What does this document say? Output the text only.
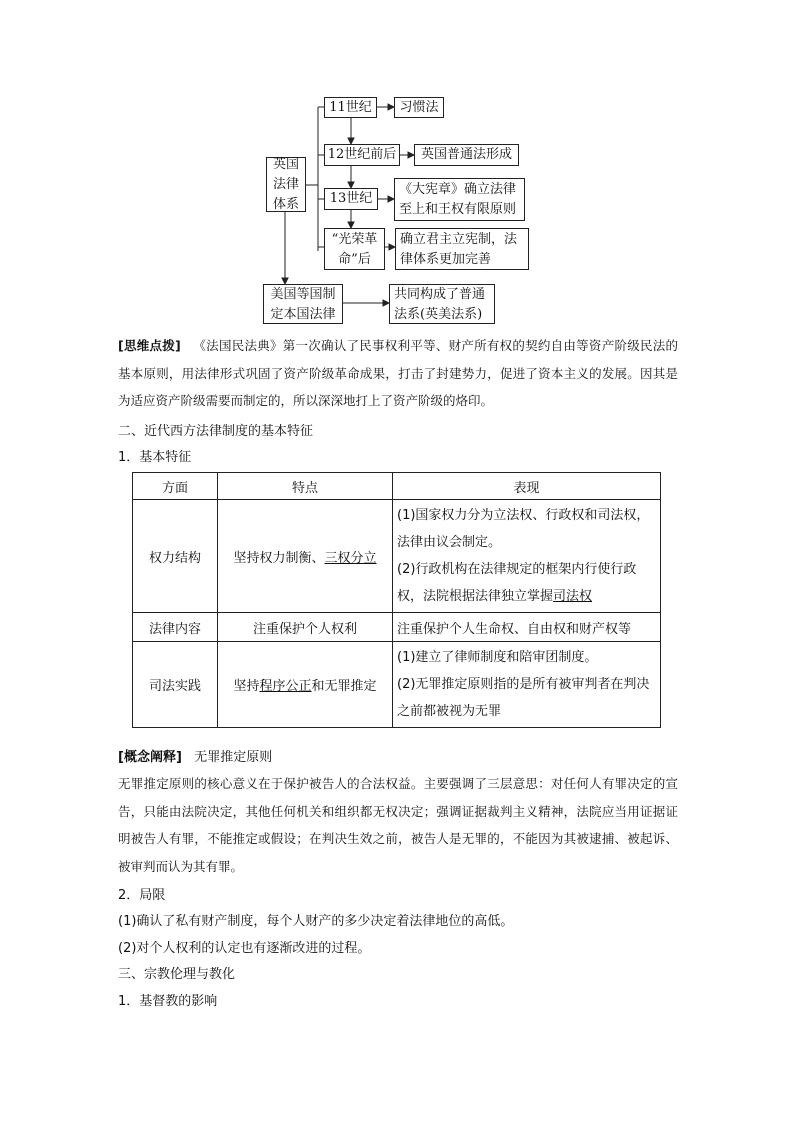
英国法律体系
11世纪 习惯法
12世纪前后 英国普通法形成
13世纪
《大宪章》确立法律至上和王权有限原则
“光荣革命”后
确立君主立宪制，法律体系更加完善
美国等国制定本国法律
共同构成了普通法系(英美法系)
[思维点拨] 《法国民法典》第一次确认了民事权利平等、财产所有权的契约自由等资产阶级民法的基本原则，用法律形式巩固了资产阶级革命成果，打击了封建势力，促进了资本主义的发展。因其是为适应资产阶级需要而制定的，所以深深地打上了资产阶级的烙印。
二、近代西方法律制度的基本特征
1．基本特征
方面	特点	表现
权力结构	坚持权力制衡、三权分立	(1)国家权力分为立法权、行政权和司法权，法律由议会制定。
(2)行政机构在法律规定的框架内行使行政权，法院根据法律独立掌握司法权

法律内容	注重保护个人权利	注重保护个人生命权、自由权和财产权等
司法实践	坚持程序公正和无罪推定	(1)建立了律师制度和陪审团制度。
(2)无罪推定原则指的是所有被审判者在判决之前都被视为无罪
[概念阐释] 无罪推定原则
无罪推定原则的核心意义在于保护被告人的合法权益。主要强调了三层意思：对任何人有罪决定的宣告，只能由法院决定，其他任何机关和组织都无权决定；强调证据裁判主义精神，法院应当用证据证明被告人有罪，不能推定或假设；在判决生效之前，被告人是无罪的，不能因为其被逮捕、被起诉、被审判而认为其有罪。
2．局限
(1)确认了私有财产制度，每个人财产的多少决定着法律地位的高低。
(2)对个人权利的认定也有逐渐改进的过程。
三、宗教伦理与教化
1．基督教的影响
